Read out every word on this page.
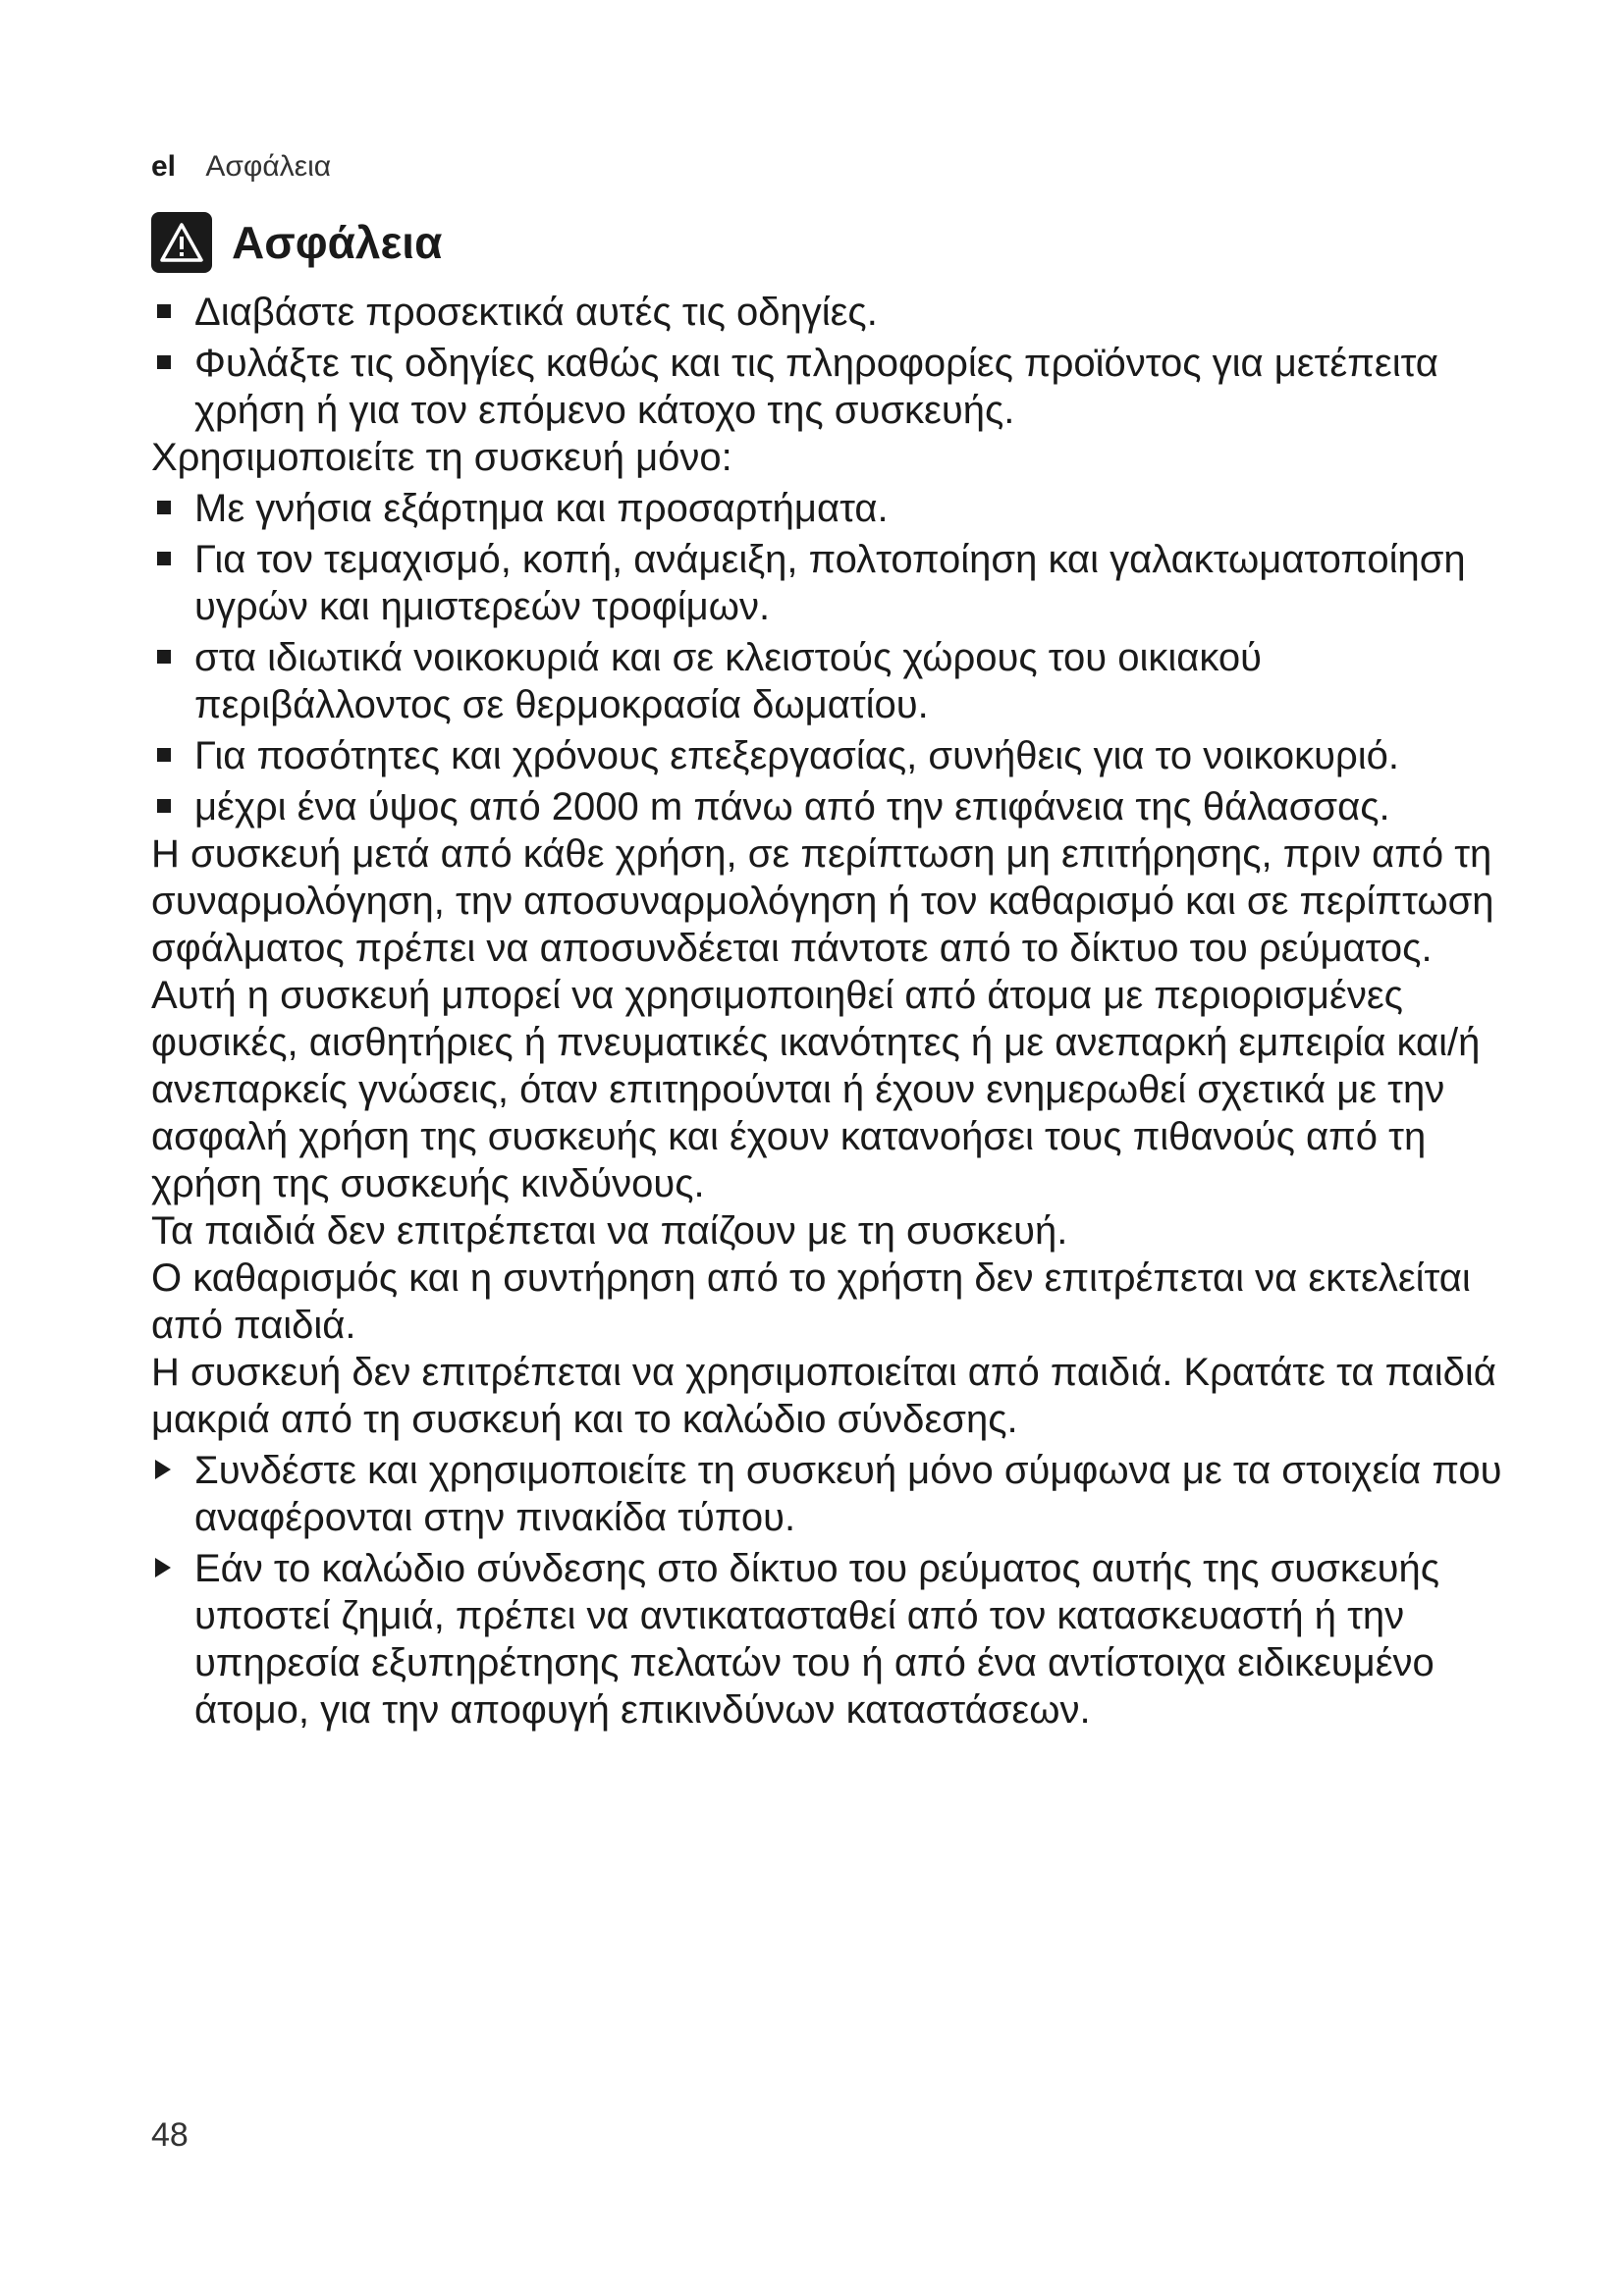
el Ασφάλεια
Ασφάλεια
Διαβάστε προσεκτικά αυτές τις οδηγίες.
Φυλάξτε τις οδηγίες καθώς και τις πληροφορίες προϊόντος για μετέπειτα χρήση ή για τον επόμενο κάτοχο της συσκευής.
Χρησιμοποιείτε τη συσκευή μόνο:
Με γνήσια εξάρτημα και προσαρτήματα.
Για τον τεμαχισμό, κοπή, ανάμειξη, πολτοποίηση και γαλακτωματοποίηση υγρών και ημιστερεών τροφίμων.
στα ιδιωτικά νοικοκυριά και σε κλειστούς χώρους του οικιακού περιβάλλοντος σε θερμοκρασία δωματίου.
Για ποσότητες και χρόνους επεξεργασίας, συνήθεις για το νοικοκυριό.
μέχρι ένα ύψος από 2000 m πάνω από την επιφάνεια της θάλασσας.
Η συσκευή μετά από κάθε χρήση, σε περίπτωση μη επιτήρησης, πριν από τη συναρμολόγηση, την αποσυναρμολόγηση ή τον καθαρισμό και σε περίπτωση σφάλματος πρέπει να αποσυνδέεται πάντοτε από το δίκτυο του ρεύματος.
Αυτή η συσκευή μπορεί να χρησιμοποιηθεί από άτομα με περιορισμένες φυσικές, αισθητήριες ή πνευματικές ικανότητες ή με ανεπαρκή εμπειρία και/ή ανεπαρκείς γνώσεις, όταν επιτηρούνται ή έχουν ενημερωθεί σχετικά με την ασφαλή χρήση της συσκευής και έχουν κατανοήσει τους πιθανούς από τη χρήση της συσκευής κινδύνους.
Τα παιδιά δεν επιτρέπεται να παίζουν με τη συσκευή.
Ο καθαρισμός και η συντήρηση από το χρήστη δεν επιτρέπεται να εκτελείται από παιδιά.
Η συσκευή δεν επιτρέπεται να χρησιμοποιείται από παιδιά. Κρατάτε τα παιδιά μακριά από τη συσκευή και το καλώδιο σύνδεσης.
Συνδέστε και χρησιμοποιείτε τη συσκευή μόνο σύμφωνα με τα στοιχεία που αναφέρονται στην πινακίδα τύπου.
Εάν το καλώδιο σύνδεσης στο δίκτυο του ρεύματος αυτής της συσκευής υποστεί ζημιά, πρέπει να αντικατασταθεί από τον κατασκευαστή ή την υπηρεσία εξυπηρέτησης πελατών του ή από ένα αντίστοιχα ειδικευμένο άτομο, για την αποφυγή επικινδύνων καταστάσεων.
48
